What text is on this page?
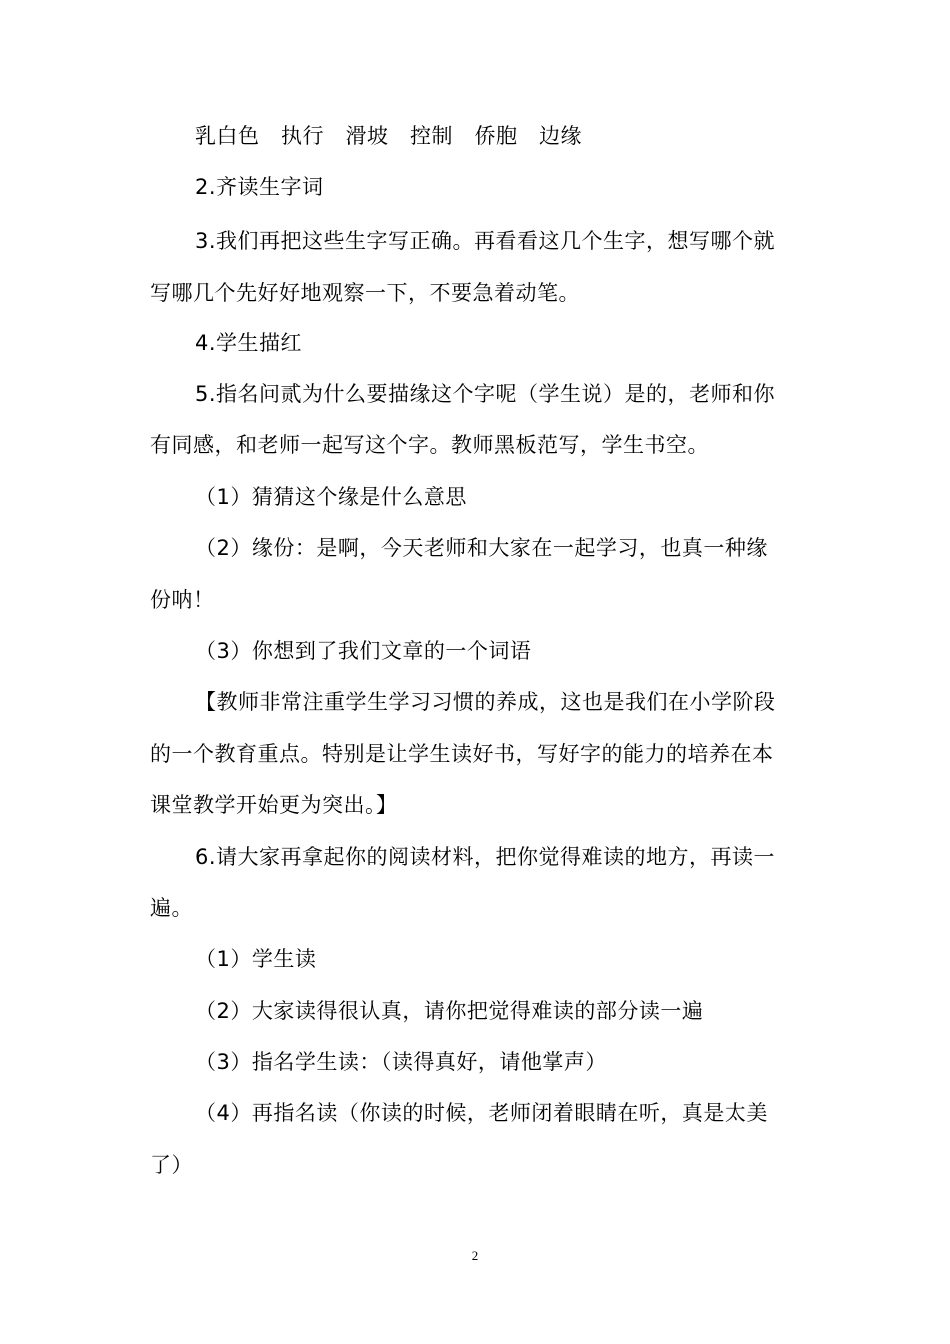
乳白色　执行　滑坡　控制　侨胞　边缘
2.齐读生字词
3.我们再把这些生字写正确。再看看这几个生字，想写哪个就
写哪几个先好好地观察一下，不要急着动笔。
4.学生描红
5.指名问贰为什么要描缘这个字呢（学生说）是的，老师和你
有同感，和老师一起写这个字。教师黑板范写，学生书空。
（1）猜猜这个缘是什么意思
（2）缘份：是啊，今天老师和大家在一起学习，也真一种缘
份呐！
（3）你想到了我们文章的一个词语
【教师非常注重学生学习习惯的养成，这也是我们在小学阶段
的一个教育重点。特别是让学生读好书，写好字的能力的培养在本
课堂教学开始更为突出。】
6.请大家再拿起你的阅读材料，把你觉得难读的地方，再读一
遍。
（1）学生读
（2）大家读得很认真，请你把觉得难读的部分读一遍
（3）指名学生读：（读得真好，请他掌声）
（4）再指名读（你读的时候，老师闭着眼睛在听，真是太美
了）
2
